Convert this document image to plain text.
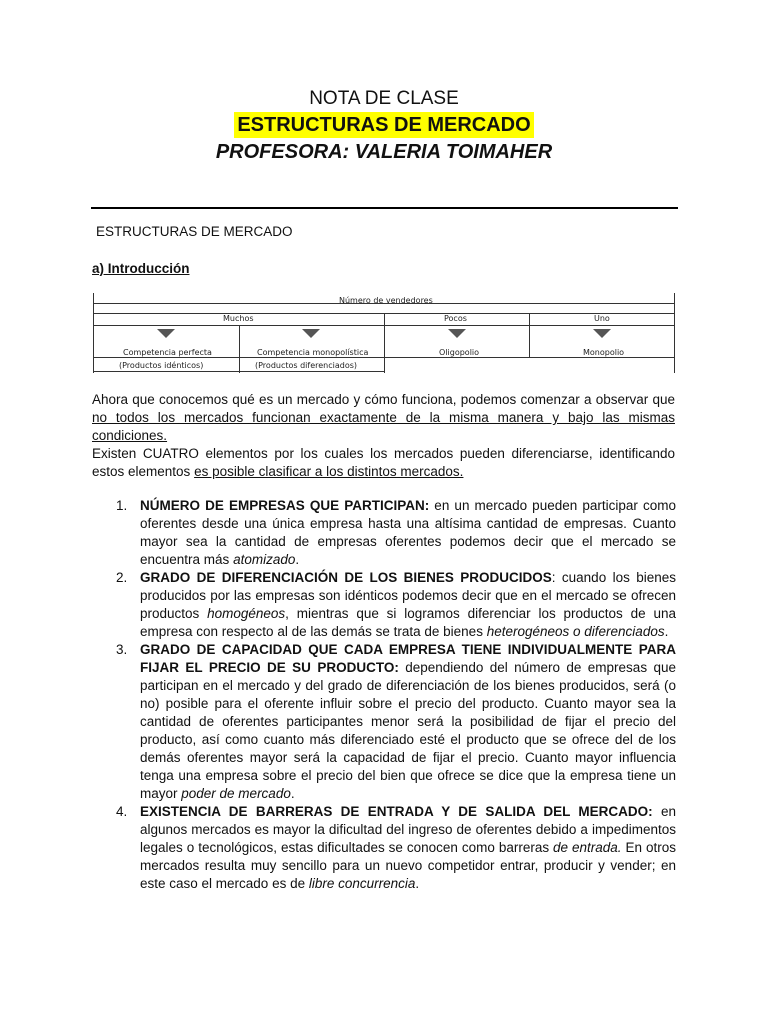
NOTA DE CLASE
ESTRUCTURAS DE MERCADO
PROFESORA: VALERIA TOIMAHER
ESTRUCTURAS DE MERCADO
a) Introducción
Número de vendedores
Muchos	Pocos	Uno
Competencia perfecta	Competencia monopolística	Oligopolio	Monopolio
(Productos idénticos)	(Productos diferenciados)
Ahora que conocemos qué es un mercado y cómo funciona, podemos comenzar a observar que no todos los mercados funcionan exactamente de la misma manera y bajo las mismas condiciones.
Existen CUATRO elementos por los cuales los mercados pueden diferenciarse, identificando estos elementos es posible clasificar a los distintos mercados.
1. NÚMERO DE EMPRESAS QUE PARTICIPAN: en un mercado pueden participar como oferentes desde una única empresa hasta una altísima cantidad de empresas. Cuanto mayor sea la cantidad de empresas oferentes podemos decir que el mercado se encuentra más atomizado.
2. GRADO DE DIFERENCIACIÓN DE LOS BIENES PRODUCIDOS: cuando los bienes producidos por las empresas son idénticos podemos decir que en el mercado se ofrecen productos homogéneos, mientras que si logramos diferenciar los productos de una empresa con respecto al de las demás se trata de bienes heterogéneos o diferenciados.
3. GRADO DE CAPACIDAD QUE CADA EMPRESA TIENE INDIVIDUALMENTE PARA FIJAR EL PRECIO DE SU PRODUCTO: dependiendo del número de empresas que participan en el mercado y del grado de diferenciación de los bienes producidos, será (o no) posible para el oferente influir sobre el precio del producto. Cuanto mayor sea la cantidad de oferentes participantes menor será la posibilidad de fijar el precio del producto, así como cuanto más diferenciado esté el producto que se ofrece del de los demás oferentes mayor será la capacidad de fijar el precio. Cuanto mayor influencia tenga una empresa sobre el precio del bien que ofrece se dice que la empresa tiene un mayor poder de mercado.
4. EXISTENCIA DE BARRERAS DE ENTRADA Y DE SALIDA DEL MERCADO: en algunos mercados es mayor la dificultad del ingreso de oferentes debido a impedimentos legales o tecnológicos, estas dificultades se conocen como barreras de entrada. En otros mercados resulta muy sencillo para un nuevo competidor entrar, producir y vender; en este caso el mercado es de libre concurrencia.
